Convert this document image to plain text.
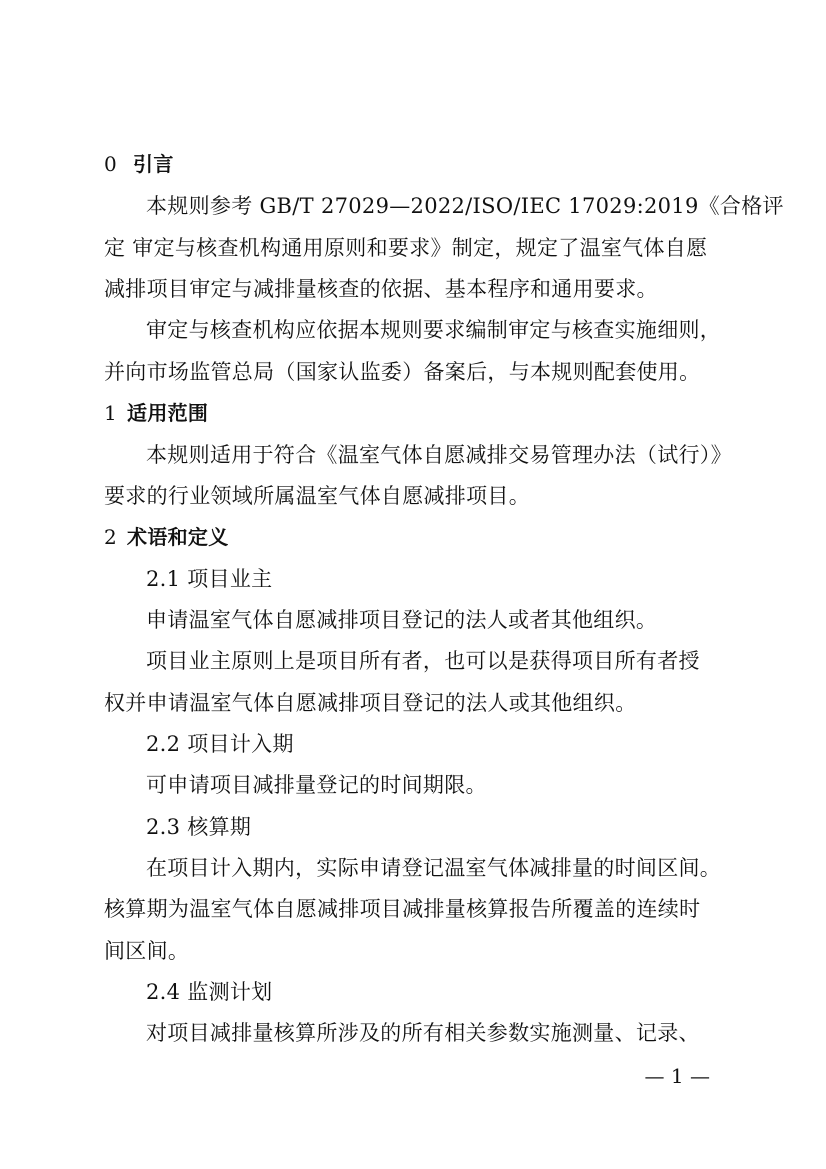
0 引言
本规则参考 GB/T 27029—2022/ISO/IEC 17029:2019《合格评
定 审定与核查机构通用原则和要求》制定，规定了温室气体自愿
减排项目审定与减排量核查的依据、基本程序和通用要求。
审定与核查机构应依据本规则要求编制审定与核查实施细则，
并向市场监管总局（国家认监委）备案后，与本规则配套使用。
1 适用范围
本规则适用于符合《温室气体自愿减排交易管理办法（试行）》
要求的行业领域所属温室气体自愿减排项目。
2 术语和定义
2.1 项目业主
申请温室气体自愿减排项目登记的法人或者其他组织。
项目业主原则上是项目所有者，也可以是获得项目所有者授
权并申请温室气体自愿减排项目登记的法人或其他组织。
2.2 项目计入期
可申请项目减排量登记的时间期限。
2.3 核算期
在项目计入期内，实际申请登记温室气体减排量的时间区间。
核算期为温室气体自愿减排项目减排量核算报告所覆盖的连续时
间区间。
2.4 监测计划
对项目减排量核算所涉及的所有相关参数实施测量、记录、
— 1 —
